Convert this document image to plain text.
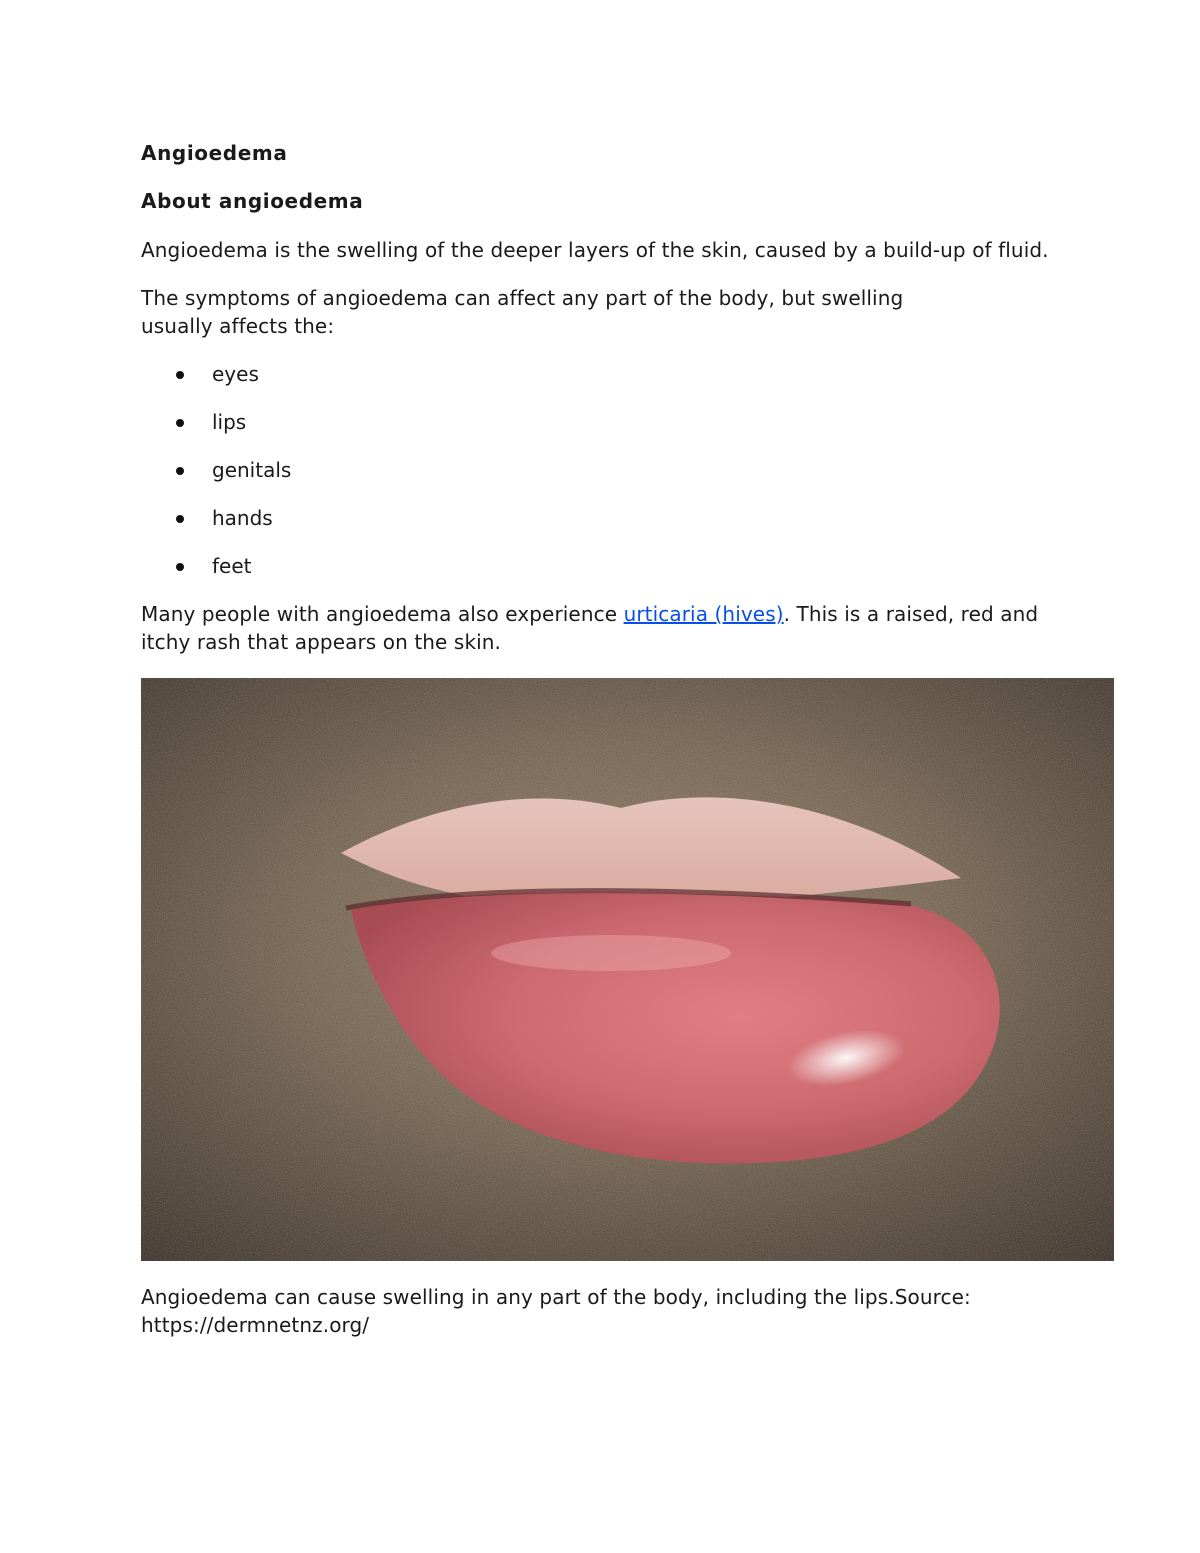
Angioedema
About angioedema

Angioedema is the swelling of the deeper layers of the skin, caused by a build-up of fluid.

The symptoms of angioedema can affect any part of the body, but swelling usually affects the:

eyes
lips
genitals
hands
feet

Many people with angioedema also experience urticaria (hives). This is a raised, red and itchy rash that appears on the skin.

Angioedema can cause swelling in any part of the body, including the lips.Source: https://dermnetnz.org/
